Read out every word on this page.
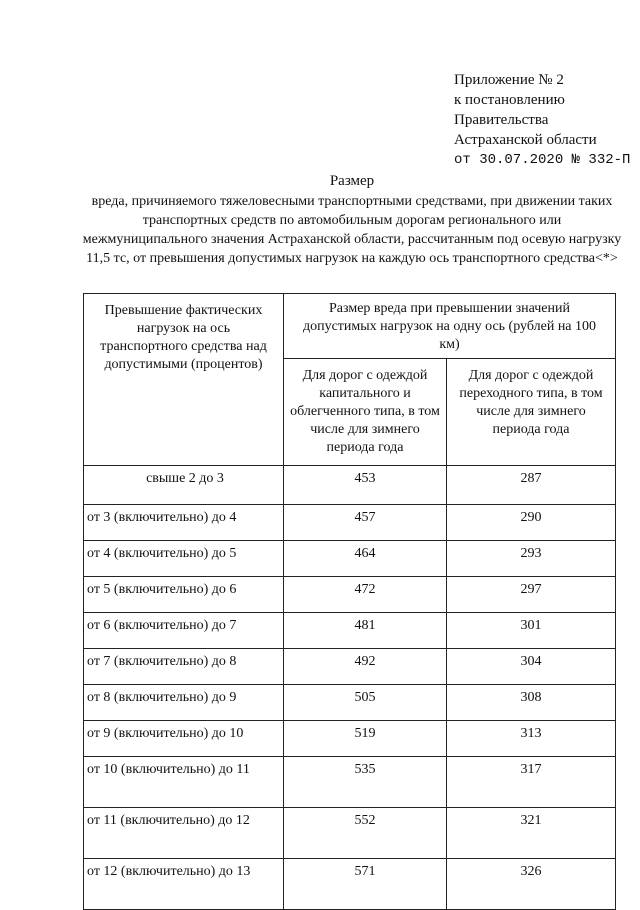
Приложение № 2
к постановлению
Правительства
Астраханской области
от 30.07.2020 № 332-П
Размер
вреда, причиняемого тяжеловесными транспортными средствами, при движении таких транспортных средств по автомобильным дорогам регионального или межмуниципального значения Астраханской области, рассчитанным под осевую нагрузку 11,5 тс, от превышения допустимых нагрузок на каждую ось транспортного средства<*>
Превышение фактических нагрузок на ось транспортного средства над допустимыми (процентов)	Размер вреда при превышении значений допустимых нагрузок на одну ось (рублей на 100 км)	
	Для дорог с одеждой капитального и облегченного типа, в том числе для зимнего периода года	Для дорог с одеждой переходного типа, в том числе для зимнего периода года
свыше 2 до 3	453	287
от 3 (включительно) до 4	457	290
от 4 (включительно) до 5	464	293
от 5 (включительно) до 6	472	297
от 6 (включительно) до 7	481	301
от 7 (включительно) до 8	492	304
от 8 (включительно) до 9	505	308
от 9 (включительно) до 10	519	313
от 10 (включительно) до 11	535	317
от 11 (включительно) до 12	552	321
от 12 (включительно) до 13	571	326
